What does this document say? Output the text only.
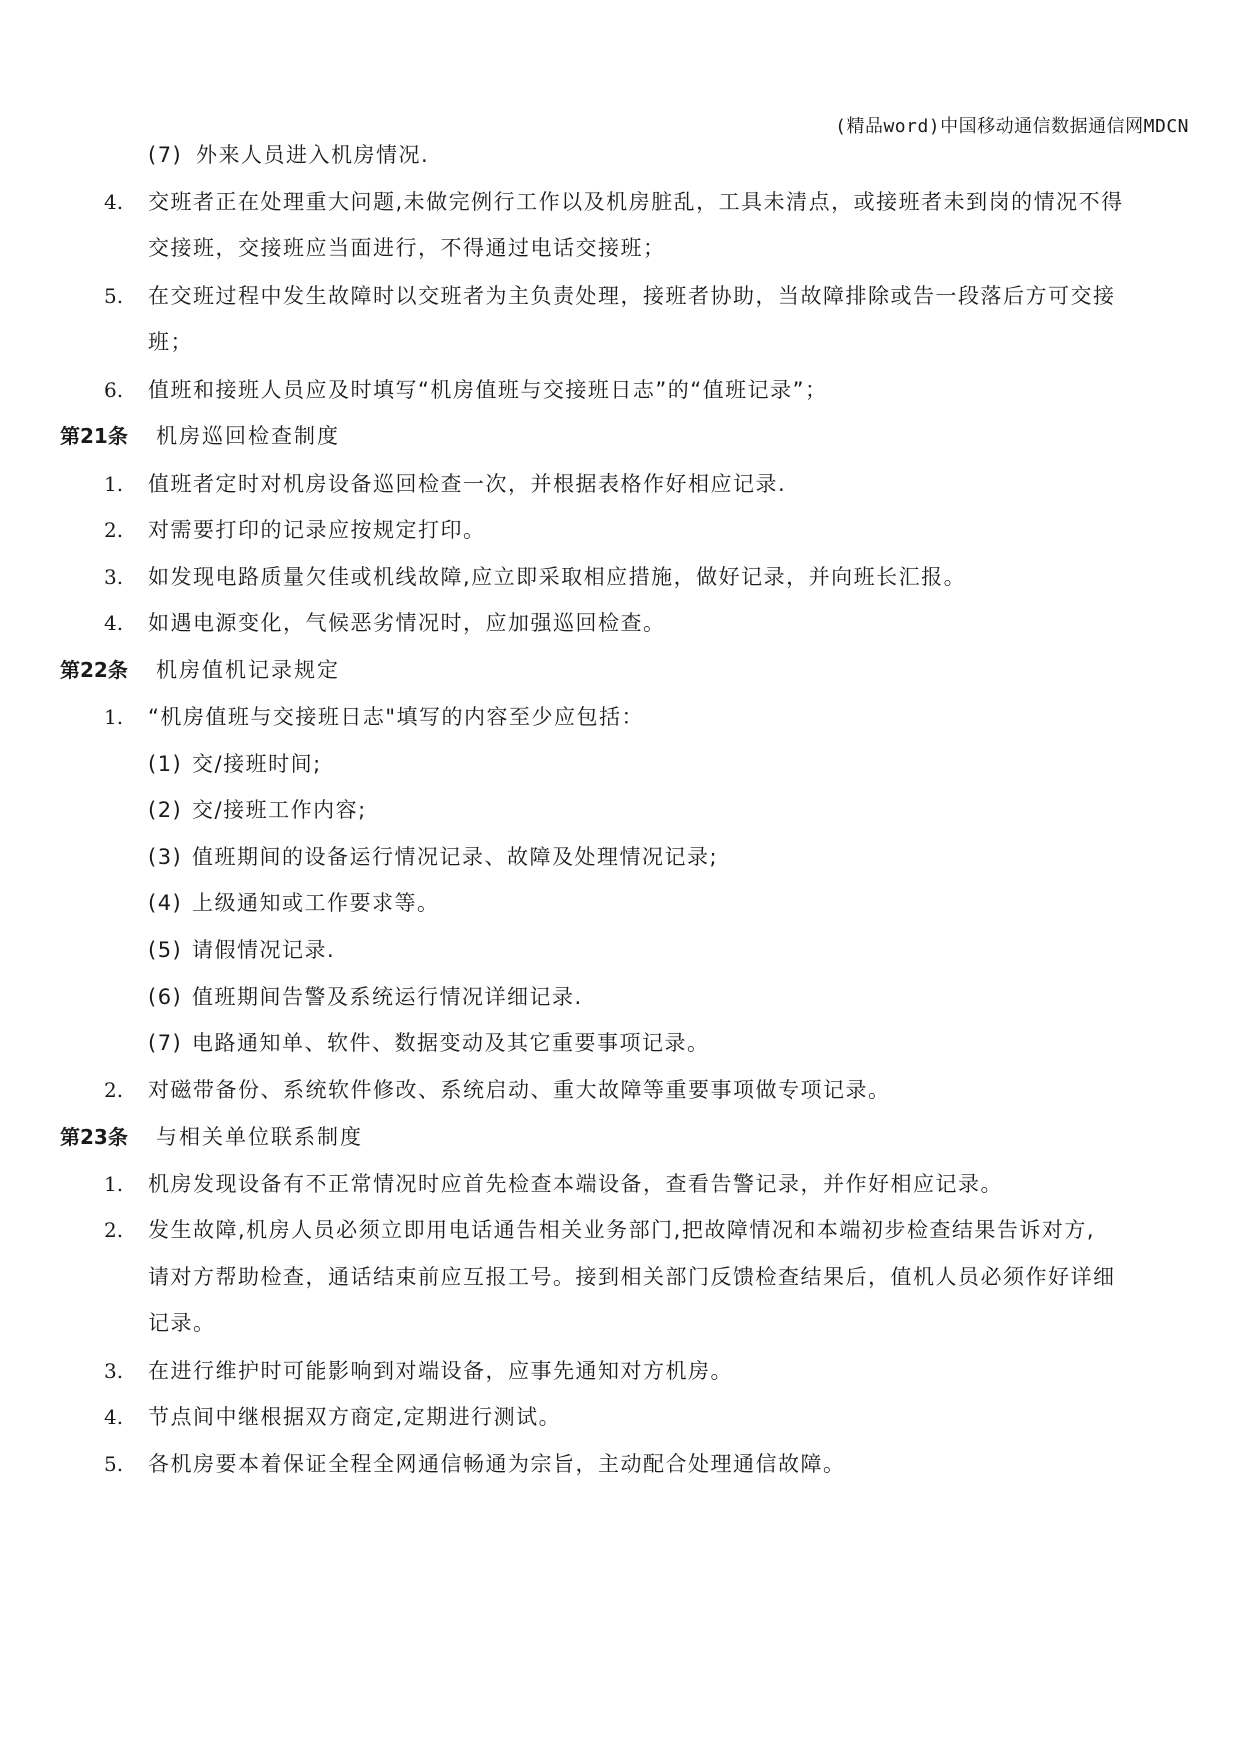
(精品word)中国移动通信数据通信网MDCN
(7) 外来人员进入机房情况.
4. 交班者正在处理重大问题,未做完例行工作以及机房脏乱，工具未清点，或接班者未到岗的情况不得
交接班，交接班应当面进行，不得通过电话交接班；
5. 在交班过程中发生故障时以交班者为主负责处理，接班者协助，当故障排除或告一段落后方可交接
班；
6. 值班和接班人员应及时填写“机房值班与交接班日志”的“值班记录”；
第21条 机房巡回检查制度
1. 值班者定时对机房设备巡回检查一次，并根据表格作好相应记录.
2. 对需要打印的记录应按规定打印。
3. 如发现电路质量欠佳或机线故障,应立即采取相应措施，做好记录，并向班长汇报。
4. 如遇电源变化，气候恶劣情况时，应加强巡回检查。
第22条 机房值机记录规定
1. “机房值班与交接班日志"填写的内容至少应包括：
(1) 交/接班时间;
(2) 交/接班工作内容;
(3) 值班期间的设备运行情况记录、故障及处理情况记录;
(4) 上级通知或工作要求等。
(5) 请假情况记录.
(6) 值班期间告警及系统运行情况详细记录.
(7) 电路通知单、软件、数据变动及其它重要事项记录。
2. 对磁带备份、系统软件修改、系统启动、重大故障等重要事项做专项记录。
第23条 与相关单位联系制度
1. 机房发现设备有不正常情况时应首先检查本端设备，查看告警记录，并作好相应记录。
2. 发生故障,机房人员必须立即用电话通告相关业务部门,把故障情况和本端初步检查结果告诉对方,
请对方帮助检查，通话结束前应互报工号。接到相关部门反馈检查结果后，值机人员必须作好详细
记录。
3. 在进行维护时可能影响到对端设备，应事先通知对方机房。
4. 节点间中继根据双方商定,定期进行测试。
5. 各机房要本着保证全程全网通信畅通为宗旨，主动配合处理通信故障。
